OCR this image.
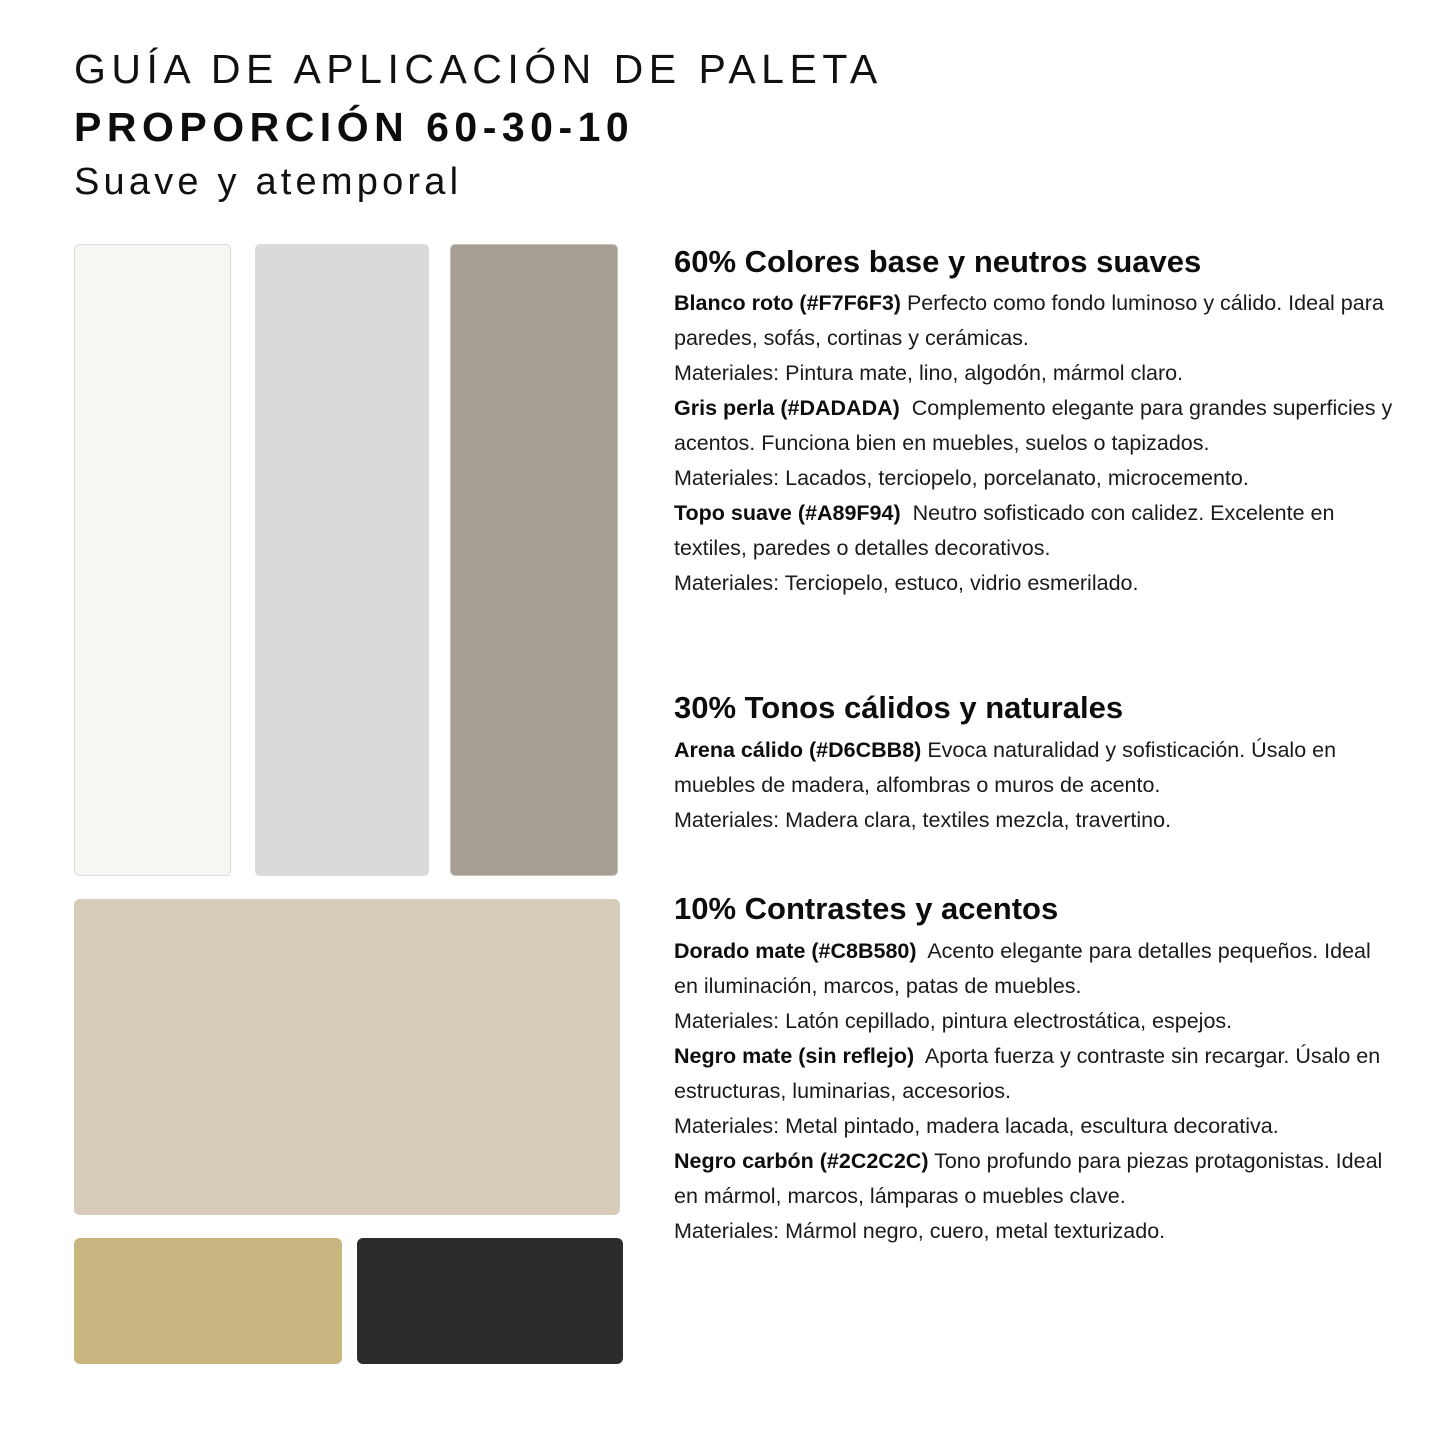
GUÍA DE APLICACIÓN DE PALETA
PROPORCIÓN 60-30-10
Suave y atemporal
60% Colores base y neutros suaves

Blanco roto (#F7F6F3) Perfecto como fondo luminoso y cálido. Ideal para paredes, sofás, cortinas y cerámicas.

Materiales: Pintura mate, lino, algodón, mármol claro.

Gris perla (#DADADA) Complemento elegante para grandes superficies y acentos. Funciona bien en muebles, suelos o tapizados.

Materiales: Lacados, terciopelo, porcelanato, microcemento.

Topo suave (#A89F94) Neutro sofisticado con calidez. Excelente en textiles, paredes o detalles decorativos.

Materiales: Terciopelo, estuco, vidrio esmerilado.

30% Tonos cálidos y naturales

Arena cálido (#D6CBB8) Evoca naturalidad y sofisticación. Úsalo en muebles de madera, alfombras o muros de acento.

Materiales: Madera clara, textiles mezcla, travertino.

10% Contrastes y acentos

Dorado mate (#C8B580) Acento elegante para detalles pequeños. Ideal en iluminación, marcos, patas de muebles.

Materiales: Latón cepillado, pintura electrostática, espejos.

Negro mate (sin reflejo) Aporta fuerza y contraste sin recargar. Úsalo en estructuras, luminarias, accesorios.

Materiales: Metal pintado, madera lacada, escultura decorativa.

Negro carbón (#2C2C2C) Tono profundo para piezas protagonistas. Ideal en mármol, marcos, lámparas o muebles clave.

Materiales: Mármol negro, cuero, metal texturizado.
